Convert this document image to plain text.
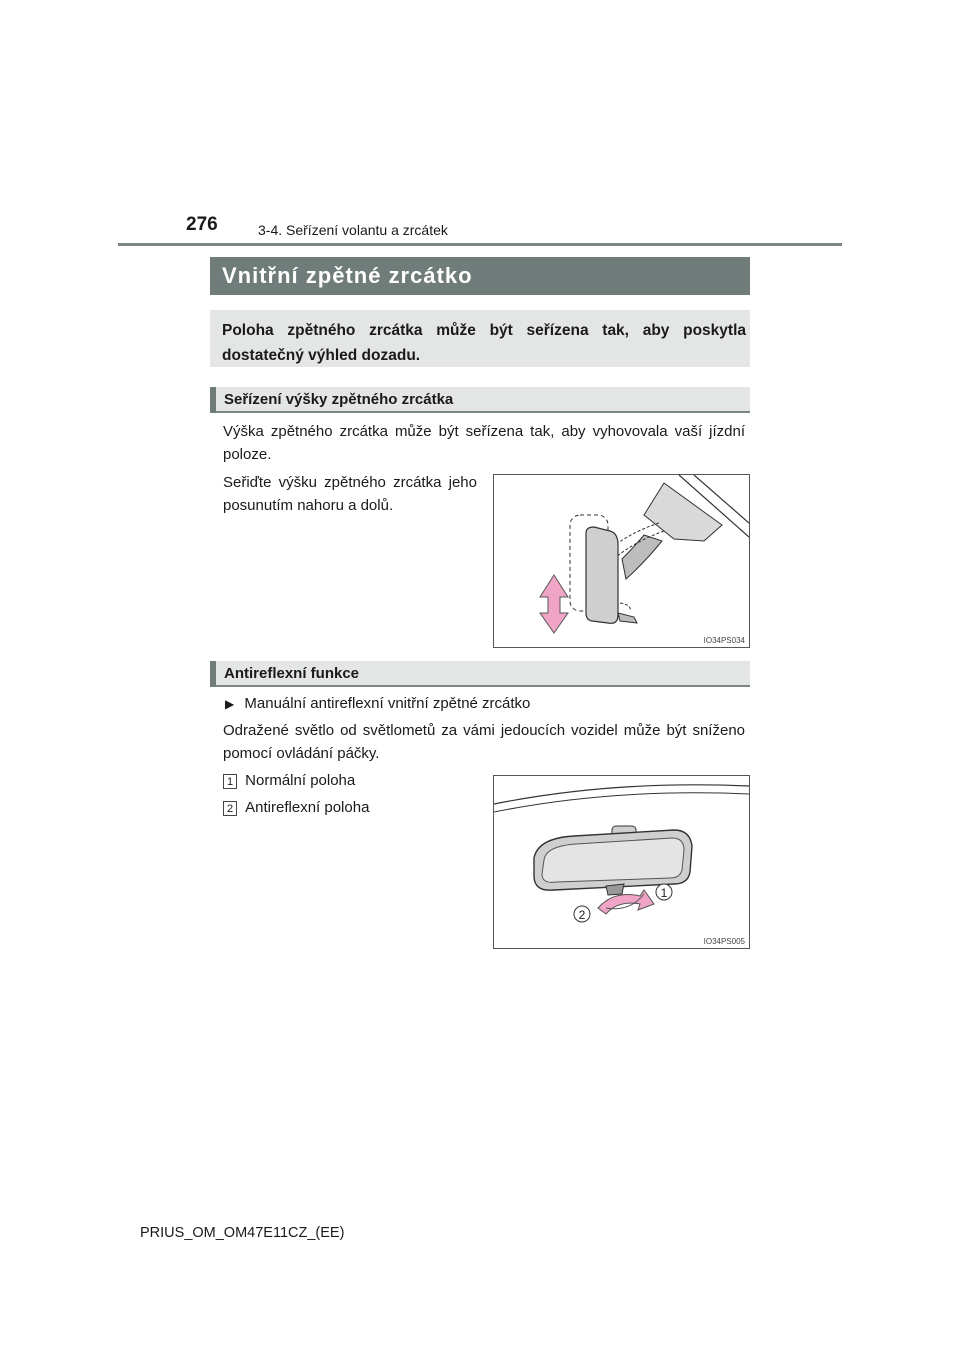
276	3-4. Seřízení volantu a zrcátek
Vnitřní zpětné zrcátko
Poloha zpětného zrcátka může být seřízena tak, aby poskytla dostatečný výhled dozadu.
Seřízení výšky zpětného zrcátka
Výška zpětného zrcátka může být seřízena tak, aby vyhovovala vaší jízdní poloze.
Seřiďte výšku zpětného zrcátka jeho posunutím nahoru a dolů.
IO34PS034
Antireflexní funkce
▶ Manuální antireflexní vnitřní zpětné zrcátko
Odražené světlo od světlometů za vámi jedoucích vozidel může být sníženo pomocí ovládání páčky.
1 Normální poloha
2 Antireflexní poloha
1
2
IO34PS005
PRIUS_OM_OM47E11CZ_(EE)
